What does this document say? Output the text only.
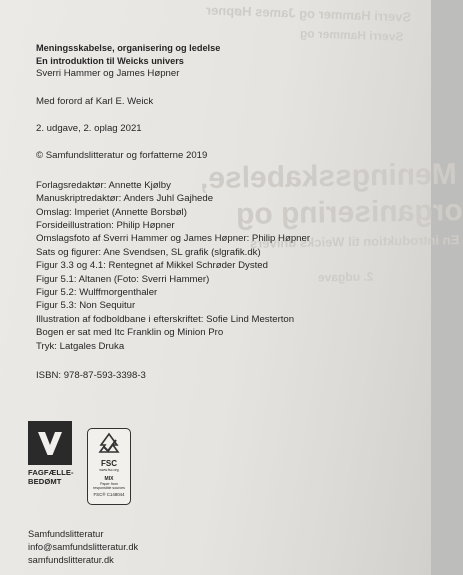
Meningsskabelse,
organisering og
En introduktion til Weicks univers
2. udgave
Sverri Hammer og James Høpner
Sverri Hammer og
Meningsskabelse, organisering og ledelse
En introduktion til Weicks univers
Sverri Hammer og James Høpner
Med forord af Karl E. Weick
2. udgave, 2. oplag 2021
© Samfundslitteratur og forfatterne 2019
Forlagsredaktør: Annette Kjølby
Manuskriptredaktør: Anders Juhl Gajhede
Omslag: Imperiet (Annette Borsbøl)
Forsideillustration: Philip Høpner
Omslagsfoto af Sverri Hammer og James Høpner: Philip Høpner
Sats og figurer: Ane Svendsen, SL grafik (slgrafik.dk)
Figur 3.3 og 4.1: Rentegnet af Mikkel Schrøder Dysted
Figur 5.1: Altanen (Foto: Sverri Hammer)
Figur 5.2: Wulffmorgenthaler
Figur 5.3: Non Sequitur
Illustration af fodboldbane i efterskriftet: Sofie Lind Mesterton
Bogen er sat med Itc Franklin og Minion Pro
Tryk: Latgales Druka
ISBN: 978-87-593-3398-3
FAGFÆLLE-
BEDØMT
FSC
www.fsc.org
MIX
Paper from
responsible sources
FSC® C148044
Samfundslitteratur
info@samfundslitteratur.dk
samfundslitteratur.dk
